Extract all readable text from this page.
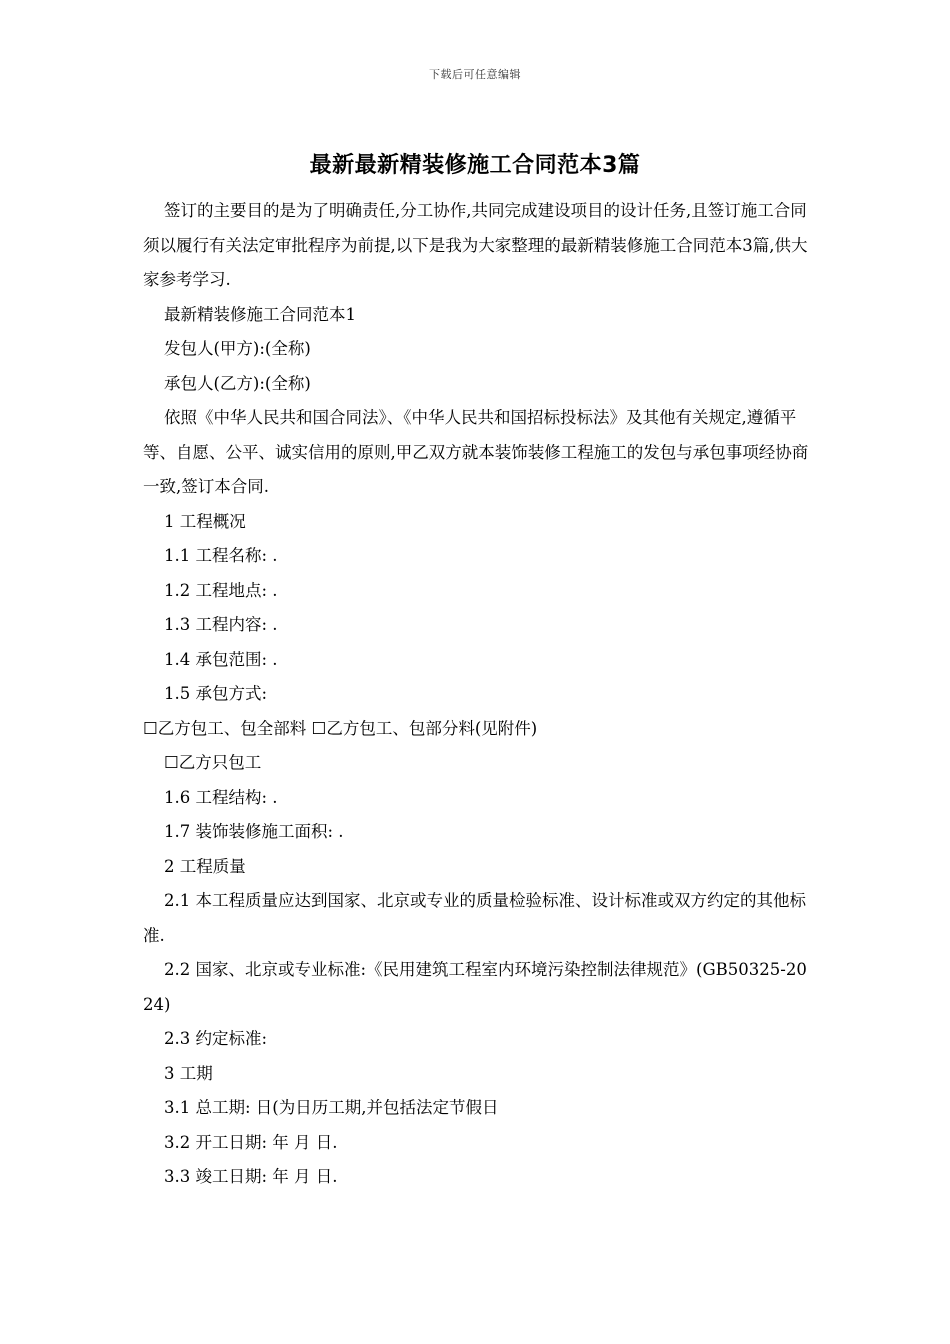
下载后可任意编辑
最新最新精装修施工合同范本3篇

签订的主要目的是为了明确责任,分工协作,共同完成建设项目的设计任务,且签订施工合同须以履行有关法定审批程序为前提,以下是我为大家整理的最新精装修施工合同范本3篇,供大家参考学习.

最新精装修施工合同范本1

发包人(甲方):(全称)

承包人(乙方):(全称)

依照《中华人民共和国合同法》、《中华人民共和国招标投标法》及其他有关规定,遵循平等、自愿、公平、诚实信用的原则,甲乙双方就本装饰装修工程施工的发包与承包事项经协商一致,签订本合同.

1 工程概况

1.1 工程名称: .

1.2 工程地点: .

1.3 工程内容: .

1.4 承包范围: .

1.5 承包方式:

☐乙方包工、包全部料 ☐乙方包工、包部分料(见附件)

☐乙方只包工

1.6 工程结构: .

1.7 装饰装修施工面积: .

2 工程质量

2.1 本工程质量应达到国家、北京或专业的质量检验标准、设计标准或双方约定的其他标准.

2.2 国家、北京或专业标准:《民用建筑工程室内环境污染控制法律规范》(GB50325-2024)

2.3 约定标准:

3 工期

3.1 总工期: 日(为日历工期,并包括法定节假日

3.2 开工日期: 年 月 日.

3.3 竣工日期: 年 月 日.
